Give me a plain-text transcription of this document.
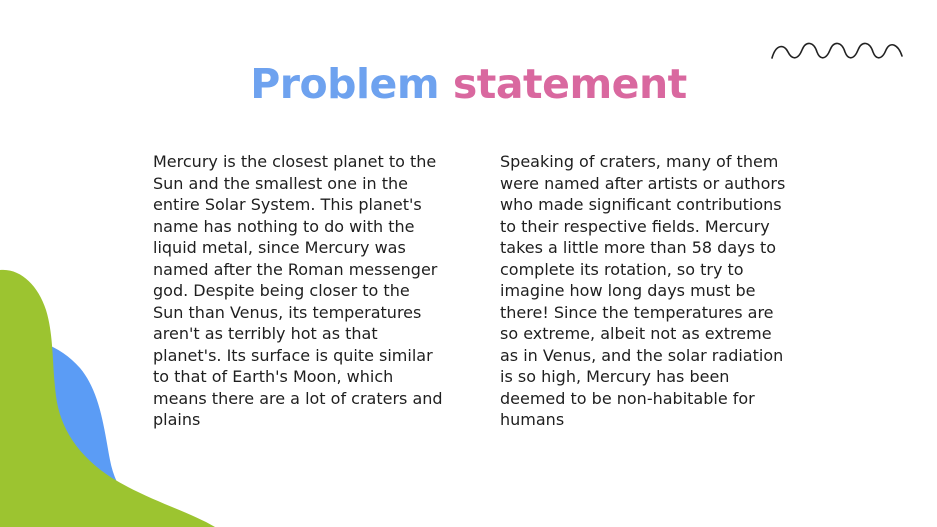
Problem statement
Mercury is the closest planet to the Sun and the smallest one in the entire Solar System. This planet's name has nothing to do with the liquid metal, since Mercury was named after the Roman messenger god. Despite being closer to the Sun than Venus, its temperatures aren't as terribly hot as that planet's. Its surface is quite similar to that of Earth's Moon, which means there are a lot of craters and plains
Speaking of craters, many of them were named after artists or authors who made significant contributions to their respective fields. Mercury takes a little more than 58 days to complete its rotation, so try to imagine how long days must be there! Since the temperatures are so extreme, albeit not as extreme as in Venus, and the solar radiation is so high, Mercury has been deemed to be non-habitable for humans
